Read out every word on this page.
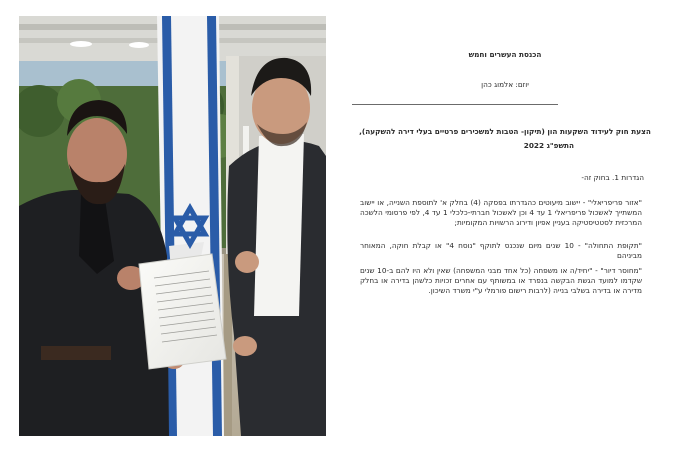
הכנסת העשרים וחמש
יוזם: אלמוג כהן
הצעת חוק לעידוד השקעות הון (תיקון- הטבות למשכירים פרטיים בעלי דירה להשקעה),
התשפ"ג 2022
הגדרות 1. בחוק זה-
"אזור פריפריאלי" - יישוב מיעוטים כהגדרתו בפסקה (4) בחלק א' לתוספת השנייה, או יישוב המשתייך לאשכול פריפריאלי 1 עד 4 וכן לאשכול חברתי-כלכלי 1 עד 4, לפי פרסומי הלשכה המרכזית לסטטיסטיקה בעניין אפיון ודירוג הרשויות המקומיות;
"תקופת התחולה" - 10 שנים מיום שנכנס לתוקף "נוסח 4" או קבלת חוקה, המאוחר מביניהם
"מחוסר דיור" - "יחיד/ה או משפחה (כל אחד מבני המשפחה) שאין ולא היו להם ב-10 שנים שקדמו למועד הגשת הבקשה בנפרד או במשותף עם אחרים זכויות כלשהן בדירה או בחלק מדירה או בדירה בשלבי בנייה (לרבות רישום פורמלי ע"י משרד השיכון.
